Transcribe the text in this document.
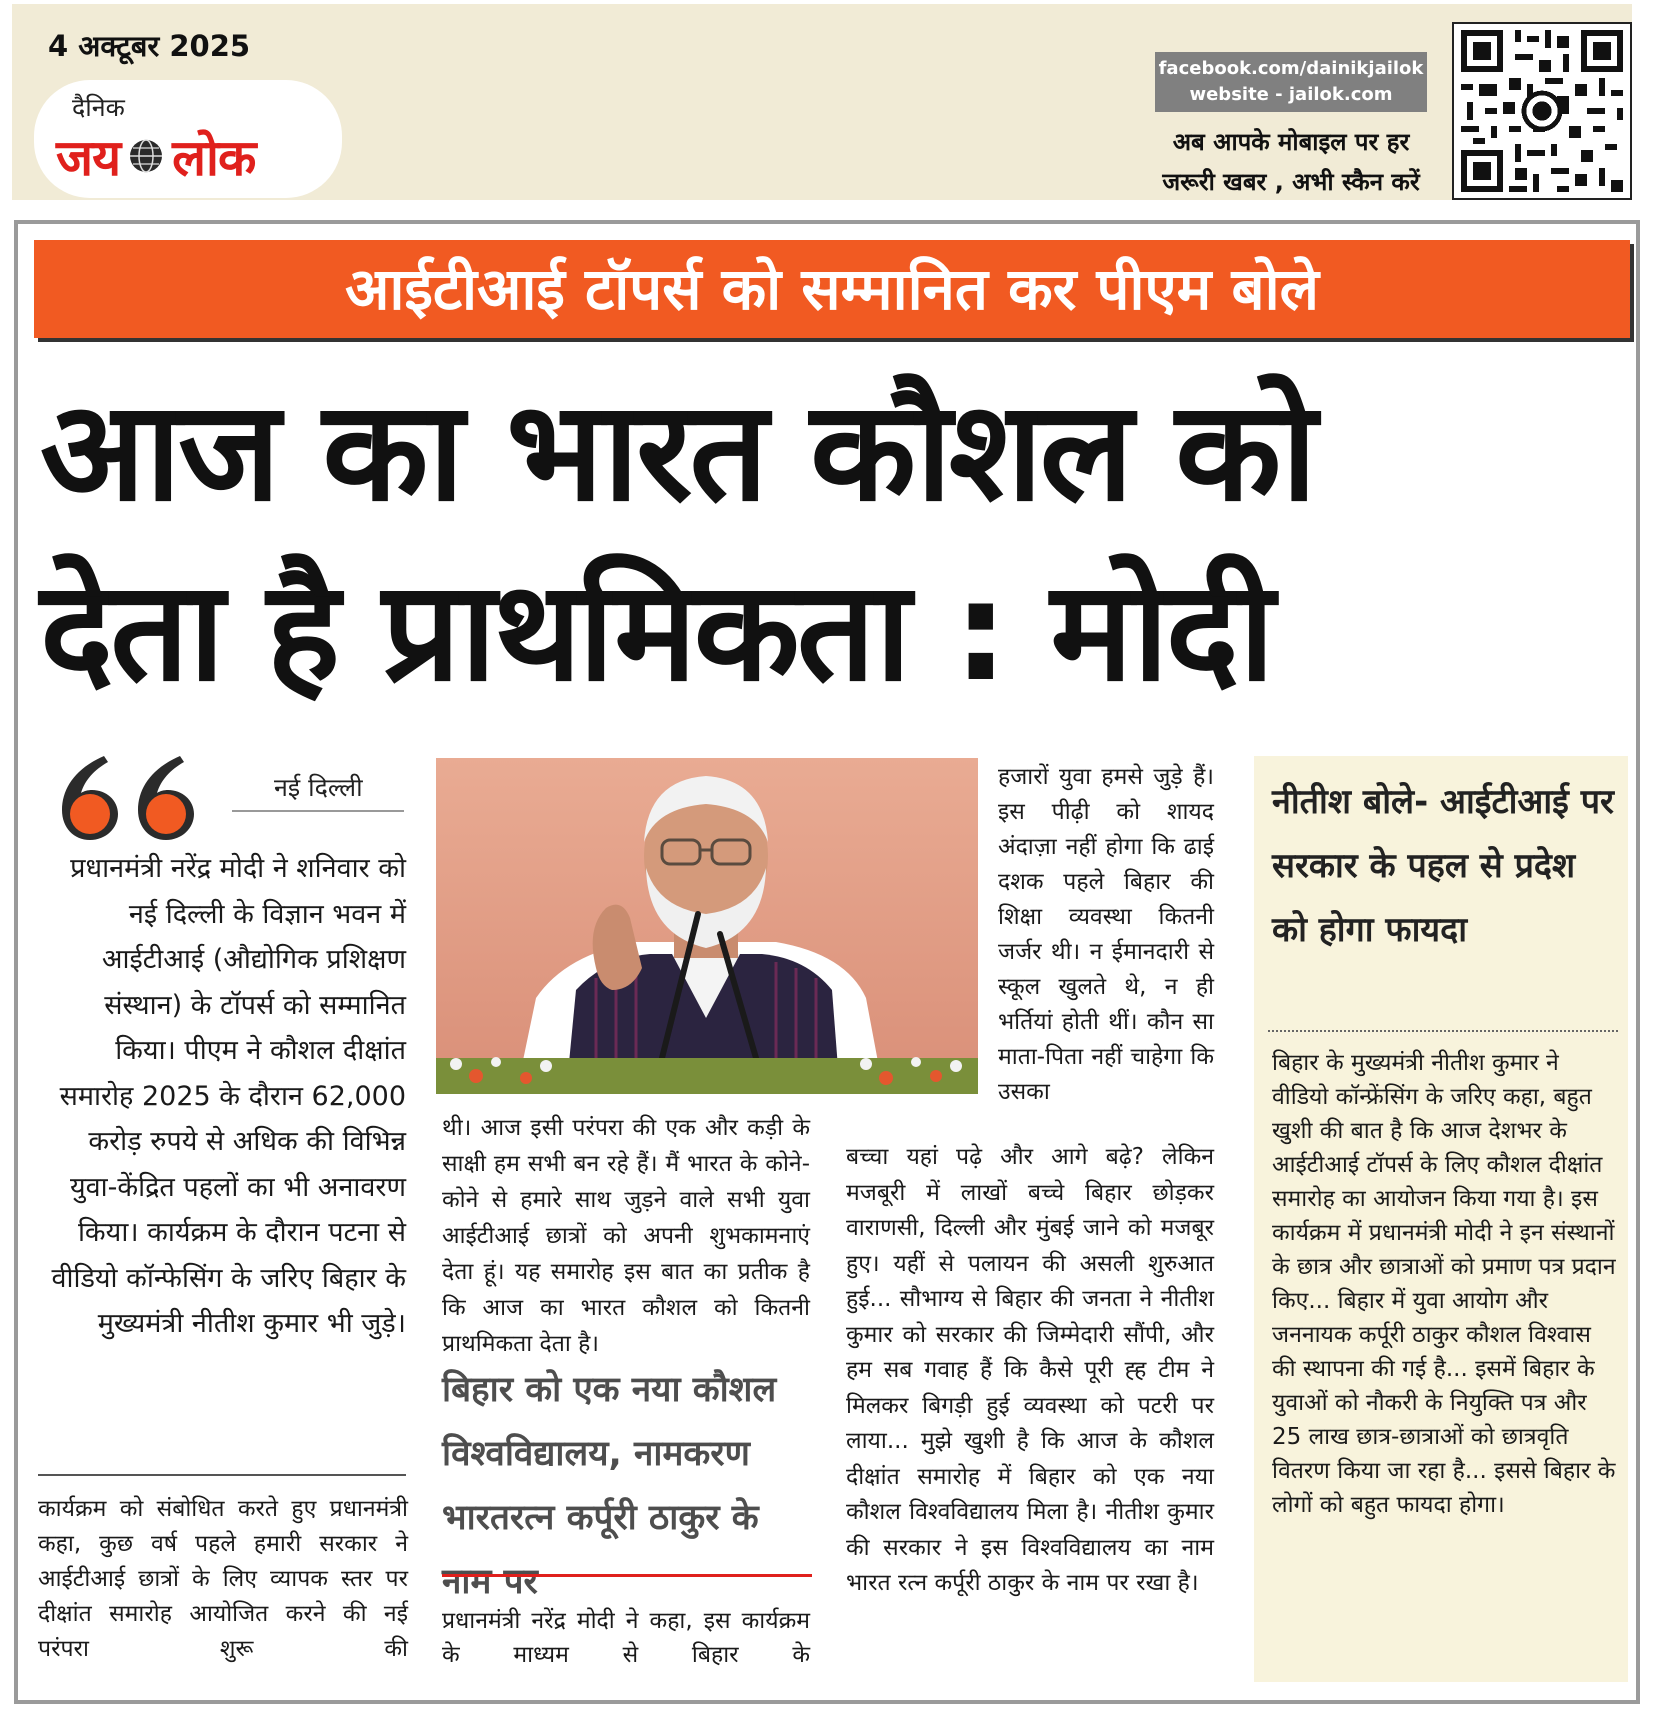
4 अक्टूबर 2025
दैनिक
जय लोक
facebook.com/dainikjailok
website - jailok.com
अब आपके मोबाइल पर हर
जरूरी खबर , अभी स्कैन करें
आईटीआई टॉपर्स को सम्मानित कर पीएम बोले
आज का भारत कौशल को
देता है प्राथमिकता : मोदी
नई दिल्ली

प्रधानमंत्री नरेंद्र मोदी ने शनिवार को नई दिल्ली के विज्ञान भवन में आईटीआई (औद्योगिक प्रशिक्षण संस्थान) के टॉपर्स को सम्मानित किया। पीएम ने कौशल दीक्षांत समारोह 2025 के दौरान 62,000 करोड़ रुपये से अधिक की विभिन्न युवा-केंद्रित पहलों का भी अनावरण किया। कार्यक्रम के दौरान पटना से वीडियो कॉन्फेसिंग के जरिए बिहार के मुख्यमंत्री नीतीश कुमार भी जुड़े।

कार्यक्रम को संबोधित करते हुए प्रधानमंत्री कहा, कुछ वर्ष पहले हमारी सरकार ने आईटीआई छात्रों के लिए व्यापक स्तर पर दीक्षांत समारोह आयोजित करने की नई परंपरा शुरू की

थी। आज इसी परंपरा की एक और कड़ी के साक्षी हम सभी बन रहे हैं। मैं भारत के कोने-कोने से हमारे साथ जुड़ने वाले सभी युवा आईटीआई छात्रों को अपनी शुभकामनाएं देता हूं। यह समारोह इस बात का प्रतीक है कि आज का भारत कौशल को कितनी प्राथमिकता देता है।

बिहार को एक नया कौशल विश्वविद्यालय, नामकरण भारतरत्न कर्पूरी ठाकुर के नाम पर

प्रधानमंत्री नरेंद्र मोदी ने कहा, इस कार्यक्रम के माध्यम से बिहार के

हजारों युवा हमसे जुड़े हैं। इस पीढ़ी को शायद अंदाज़ा नहीं होगा कि ढाई दशक पहले बिहार की शिक्षा व्यवस्था कितनी जर्जर थी। न ईमानदारी से स्कूल खुलते थे, न ही भर्तियां होती थीं। कौन सा माता-पिता नहीं चाहेगा कि उसका

बच्चा यहां पढ़े और आगे बढ़े? लेकिन मजबूरी में लाखों बच्चे बिहार छोड़कर वाराणसी, दिल्ली और मुंबई जाने को मजबूर हुए। यहीं से पलायन की असली शुरुआत हुई... सौभाग्य से बिहार की जनता ने नीतीश कुमार को सरकार की जिम्मेदारी सौंपी, और हम सब गवाह हैं कि कैसे पूरी ह्ह टीम ने मिलकर बिगड़ी हुई व्यवस्था को पटरी पर लाया... मुझे खुशी है कि आज के कौशल दीक्षांत समारोह में बिहार को एक नया कौशल विश्वविद्यालय मिला है। नीतीश कुमार की सरकार ने इस विश्वविद्यालय का नाम भारत रत्न कर्पूरी ठाकुर के नाम पर रखा है।

नीतीश बोले- आईटीआई पर सरकार के पहल से प्रदेश को होगा फायदा

बिहार के मुख्यमंत्री नीतीश कुमार ने वीडियो कॉन्फ्रेंसिंग के जरिए कहा, बहुत खुशी की बात है कि आज देशभर के आईटीआई टॉपर्स के लिए कौशल दीक्षांत समारोह का आयोजन किया गया है। इस कार्यक्रम में प्रधानमंत्री मोदी ने इन संस्थानों के छात्र और छात्राओं को प्रमाण पत्र प्रदान किए... बिहार में युवा आयोग और जननायक कर्पूरी ठाकुर कौशल विश्वास की स्थापना की गई है... इसमें बिहार के युवाओं को नौकरी के नियुक्ति पत्र और 25 लाख छात्र-छात्राओं को छात्रवृति वितरण किया जा रहा है... इससे बिहार के लोगों को बहुत फायदा होगा।
